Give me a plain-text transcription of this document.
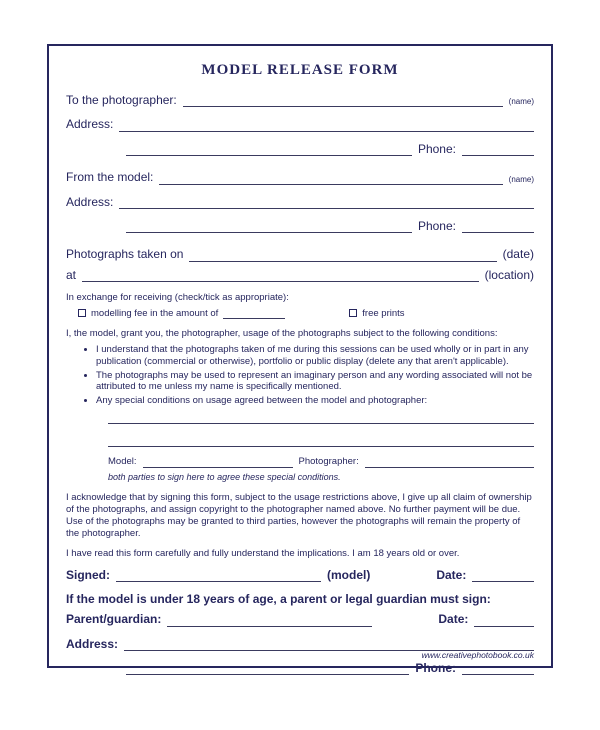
MODEL RELEASE FORM
To the photographer:	(name)
Address:
Phone:
From the model:	(name)
Address:
Phone:
Photographs taken on	(date)
at	(location)
In exchange for receiving (check/tick as appropriate):
modelling fee in the amount of	free prints
I, the model, grant you, the photographer, usage of the photographs subject to the following conditions:
• I understand that the photographs taken of me during this sessions can be used wholly or in part in any publication (commercial or otherwise), portfolio or public display (delete any that aren't applicable).
• The photographs may be used to represent an imaginary person and any wording associated will not be attributed to me unless my name is specifically mentioned.
• Any special conditions on usage agreed between the model and photographer:
Model:	Photographer:
both parties to sign here to agree these special conditions.
I acknowledge that by signing this form, subject to the usage restrictions above, I give up all claim of ownership of the photographs, and assign copyright to the photographer named above. No further payment will be due. Use of the photographs may be granted to third parties, however the photographs will remain the property of the photographer.
I have read this form carefully and fully understand the implications. I am 18 years old or over.
Signed:	(model)	Date:
If the model is under 18 years of age, a parent or legal guardian must sign:
Parent/guardian:	Date:
Address:
Phone:
www.creativephotobook.co.uk
